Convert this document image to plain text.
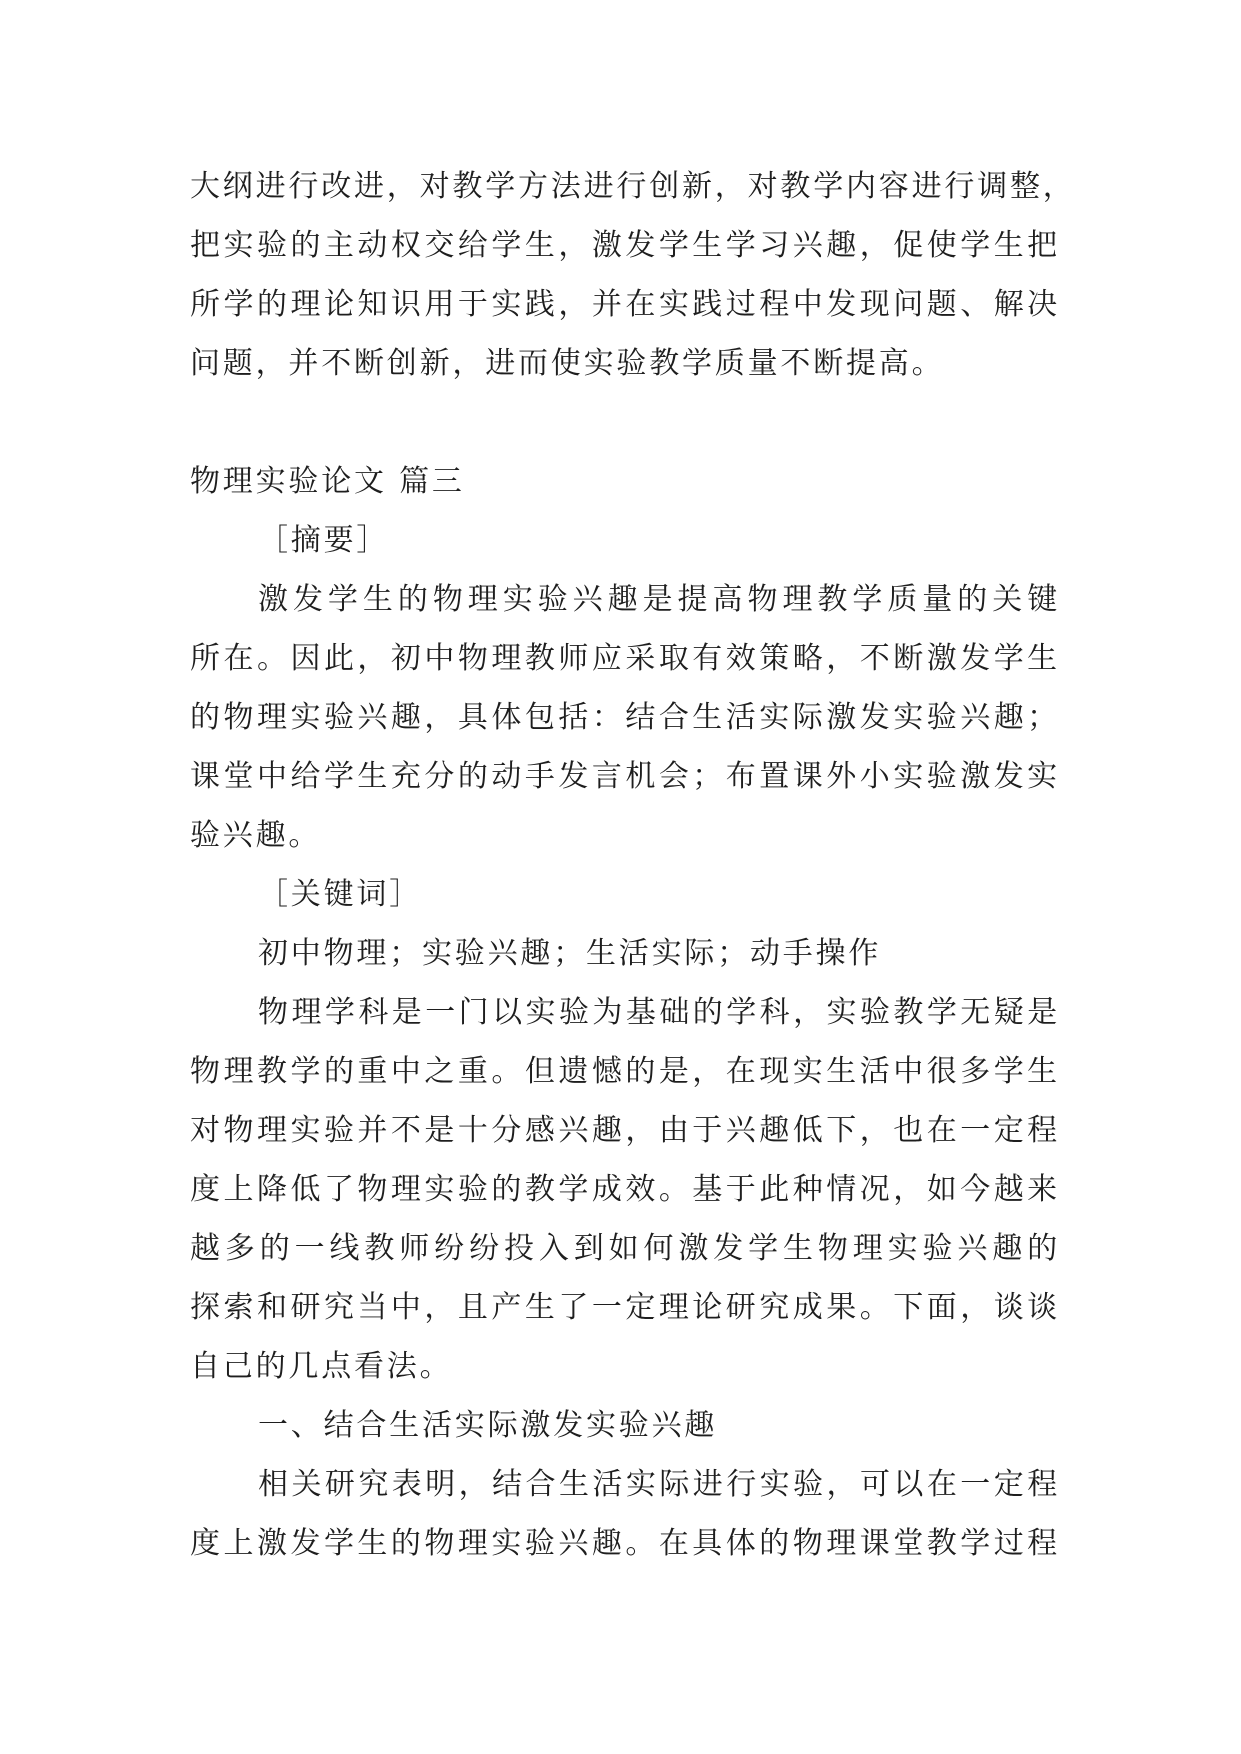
大纲进行改进，对教学方法进行创新，对教学内容进行调整，
把实验的主动权交给学生，激发学生学习兴趣，促使学生把
所学的理论知识用于实践，并在实践过程中发现问题、解决
问题，并不断创新，进而使实验教学质量不断提高。
物理实验论文 篇三
［摘要］
激发学生的物理实验兴趣是提高物理教学质量的关键
所在。因此，初中物理教师应采取有效策略，不断激发学生
的物理实验兴趣，具体包括：结合生活实际激发实验兴趣；
课堂中给学生充分的动手发言机会；布置课外小实验激发实
验兴趣。
［关键词］
初中物理；实验兴趣；生活实际；动手操作
物理学科是一门以实验为基础的学科，实验教学无疑是
物理教学的重中之重。但遗憾的是，在现实生活中很多学生
对物理实验并不是十分感兴趣，由于兴趣低下，也在一定程
度上降低了物理实验的教学成效。基于此种情况，如今越来
越多的一线教师纷纷投入到如何激发学生物理实验兴趣的
探索和研究当中，且产生了一定理论研究成果。下面，谈谈
自己的几点看法。
一、结合生活实际激发实验兴趣
相关研究表明，结合生活实际进行实验，可以在一定程
度上激发学生的物理实验兴趣。在具体的物理课堂教学过程
